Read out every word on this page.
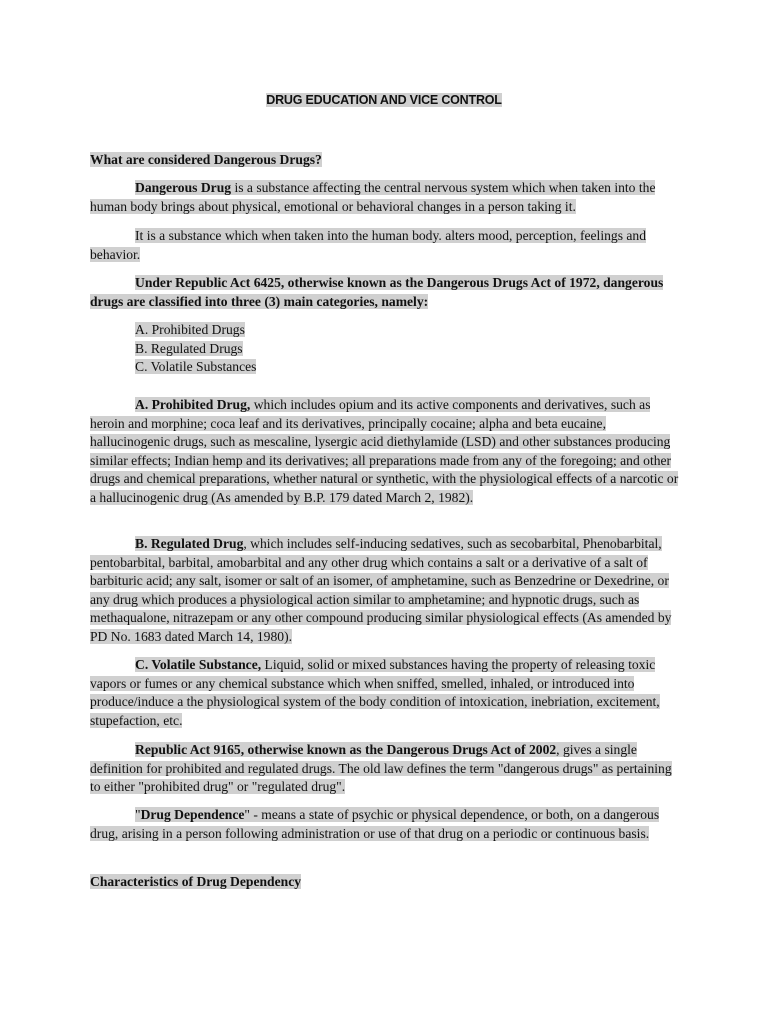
DRUG EDUCATION AND VICE CONTROL

What are considered Dangerous Drugs?

Dangerous Drug is a substance affecting the central nervous system which when taken into the human body brings about physical, emotional or behavioral changes in a person taking it.

It is a substance which when taken into the human body. alters mood, perception, feelings and behavior.

Under Republic Act 6425, otherwise known as the Dangerous Drugs Act of 1972, dangerous drugs are classified into three (3) main categories, namely:

A. Prohibited Drugs

B. Regulated Drugs

C. Volatile Substances

A. Prohibited Drug, which includes opium and its active components and derivatives, such as heroin and morphine; coca leaf and its derivatives, principally cocaine; alpha and beta eucaine, hallucinogenic drugs, such as mescaline, lysergic acid diethylamide (LSD) and other substances producing similar effects; Indian hemp and its derivatives; all preparations made from any of the foregoing; and other drugs and chemical preparations, whether natural or synthetic, with the physiological effects of a narcotic or a hallucinogenic drug (As amended by B.P. 179 dated March 2, 1982).

B. Regulated Drug, which includes self-inducing sedatives, such as secobarbital, Phenobarbital, pentobarbital, barbital, amobarbital and any other drug which contains a salt or a derivative of a salt of barbituric acid; any salt, isomer or salt of an isomer, of amphetamine, such as Benzedrine or Dexedrine, or any drug which produces a physiological action similar to amphetamine; and hypnotic drugs, such as methaqualone, nitrazepam or any other compound producing similar physiological effects (As amended by PD No. 1683 dated March 14, 1980).

C. Volatile Substance, Liquid, solid or mixed substances having the property of releasing toxic vapors or fumes or any chemical substance which when sniffed, smelled, inhaled, or introduced into produce/induce a the physiological system of the body condition of intoxication, inebriation, excitement, stupefaction, etc.

Republic Act 9165, otherwise known as the Dangerous Drugs Act of 2002, gives a single definition for prohibited and regulated drugs. The old law defines the term "dangerous drugs" as pertaining to either "prohibited drug" or "regulated drug".

"Drug Dependence" - means a state of psychic or physical dependence, or both, on a dangerous drug, arising in a person following administration or use of that drug on a periodic or continuous basis.

Characteristics of Drug Dependency
